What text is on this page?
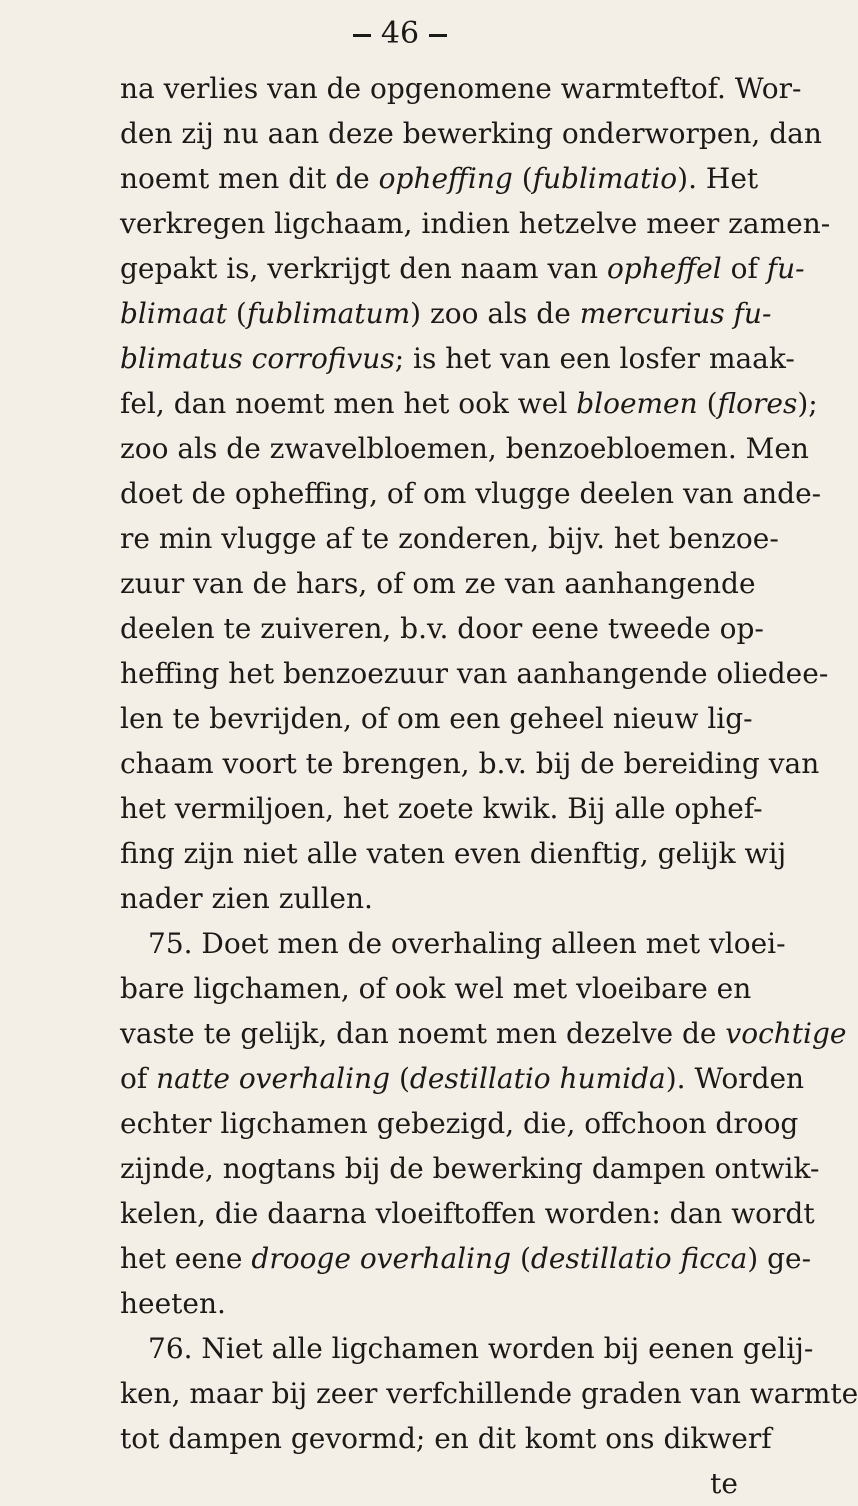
46
na verlies van de opgenomene warmteftof. Wor-
den zij nu aan deze bewerking onderworpen, dan
noemt men dit de opheffing (fublimatio). Het
verkregen ligchaam, indien hetzelve meer zamen-
gepakt is, verkrijgt den naam van opheffel of fu-
blimaat (fublimatum) zoo als de mercurius fu-
blimatus corrofivus; is het van een losfer maak-
fel, dan noemt men het ook wel bloemen (flores);
zoo als de zwavelbloemen, benzoebloemen. Men
doet de opheffing, of om vlugge deelen van ande-
re min vlugge af te zonderen, bijv. het benzoe-
zuur van de hars, of om ze van aanhangende
deelen te zuiveren, b.v. door eene tweede op-
heffing het benzoezuur van aanhangende oliedee-
len te bevrijden, of om een geheel nieuw lig-
chaam voort te brengen, b.v. bij de bereiding van
het vermiljoen, het zoete kwik. Bij alle ophef-
fing zijn niet alle vaten even dienftig, gelijk wij
nader zien zullen.
75. Doet men de overhaling alleen met vloei-
bare ligchamen, of ook wel met vloeibare en
vaste te gelijk, dan noemt men dezelve de vochtige
of natte overhaling (destillatio humida). Worden
echter ligchamen gebezigd, die, offchoon droog
zijnde, nogtans bij de bewerking dampen ontwik-
kelen, die daarna vloeiftoffen worden: dan wordt
het eene drooge overhaling (destillatio ficca) ge-
heeten.
76. Niet alle ligchamen worden bij eenen gelij-
ken, maar bij zeer verfchillende graden van warmte
tot dampen gevormd; en dit komt ons dikwerf
te
